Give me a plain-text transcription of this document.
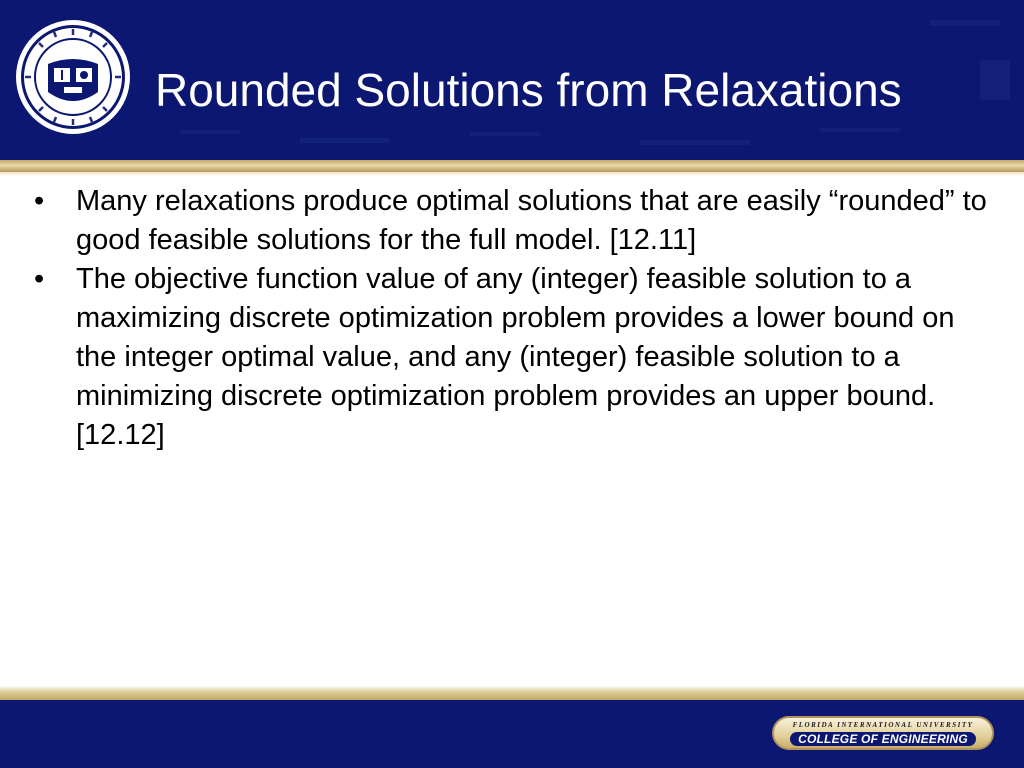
Rounded Solutions from Relaxations
• Many relaxations produce optimal solutions that are easily “rounded” to good feasible solutions for the full model. [12.11]
• The objective function value of any (integer) feasible solution to a maximizing discrete optimization problem provides a lower bound on the integer optimal value, and any (integer) feasible solution to a minimizing discrete optimization problem provides an upper bound. [12.12]
FLORIDA INTERNATIONAL UNIVERSITY
COLLEGE OF ENGINEERING
